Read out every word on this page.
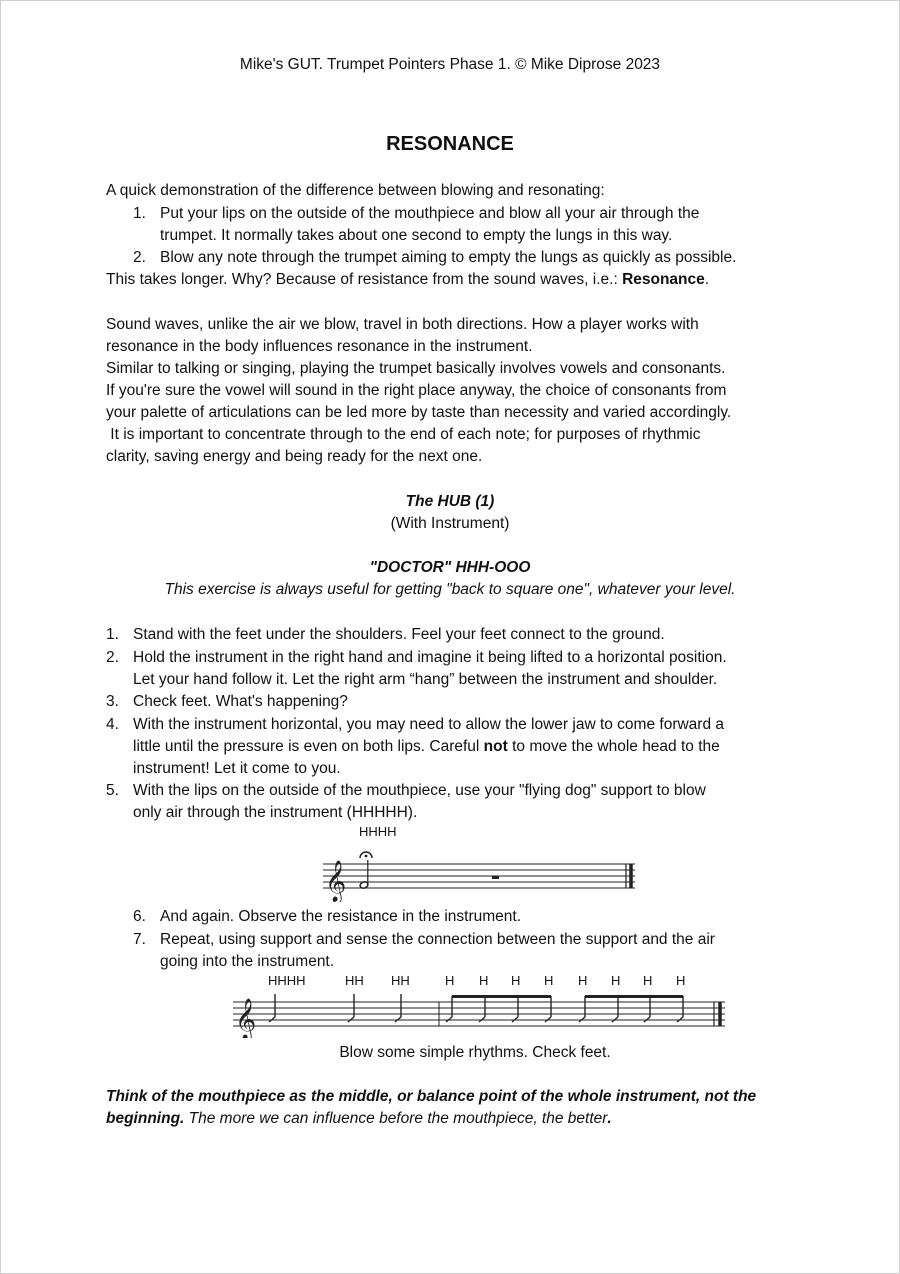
Mike's GUT. Trumpet Pointers Phase 1. © Mike Diprose 2023
RESONANCE
A quick demonstration of the difference between blowing and resonating:
1. Put your lips on the outside of the mouthpiece and blow all your air through the
trumpet. It normally takes about one second to empty the lungs in this way.
2. Blow any note through the trumpet aiming to empty the lungs as quickly as possible.
This takes longer. Why? Because of resistance from the sound waves, i.e.: Resonance.
Sound waves, unlike the air we blow, travel in both directions. How a player works with
resonance in the body influences resonance in the instrument.
Similar to talking or singing, playing the trumpet basically involves vowels and consonants.
If you're sure the vowel will sound in the right place anyway, the choice of consonants from
your palette of articulations can be led more by taste than necessity and varied accordingly.
It is important to concentrate through to the end of each note; for purposes of rhythmic
clarity, saving energy and being ready for the next one.
The HUB (1)
(With Instrument)
"DOCTOR" HHH-OOO
This exercise is always useful for getting "back to square one", whatever your level.
1. Stand with the feet under the shoulders. Feel your feet connect to the ground.
2. Hold the instrument in the right hand and imagine it being lifted to a horizontal position.
Let your hand follow it. Let the right arm “hang” between the instrument and shoulder.
3. Check feet. What's happening?
4. With the instrument horizontal, you may need to allow the lower jaw to come forward a
little until the pressure is even on both lips. Careful not to move the whole head to the
instrument! Let it come to you.
5. With the lips on the outside of the mouthpiece, use your "flying dog" support to blow
only air through the instrument (HHHHH).
HHHH
𝄞
6. And again. Observe the resistance in the instrument.
7. Repeat, using support and sense the connection between the support and the air
going into the instrument.
HHHH	HH HH	H H H H H H H H
𝄞
Blow some simple rhythms. Check feet.
Think of the mouthpiece as the middle, or balance point of the whole instrument, not the
beginning. The more we can influence before the mouthpiece, the better.
